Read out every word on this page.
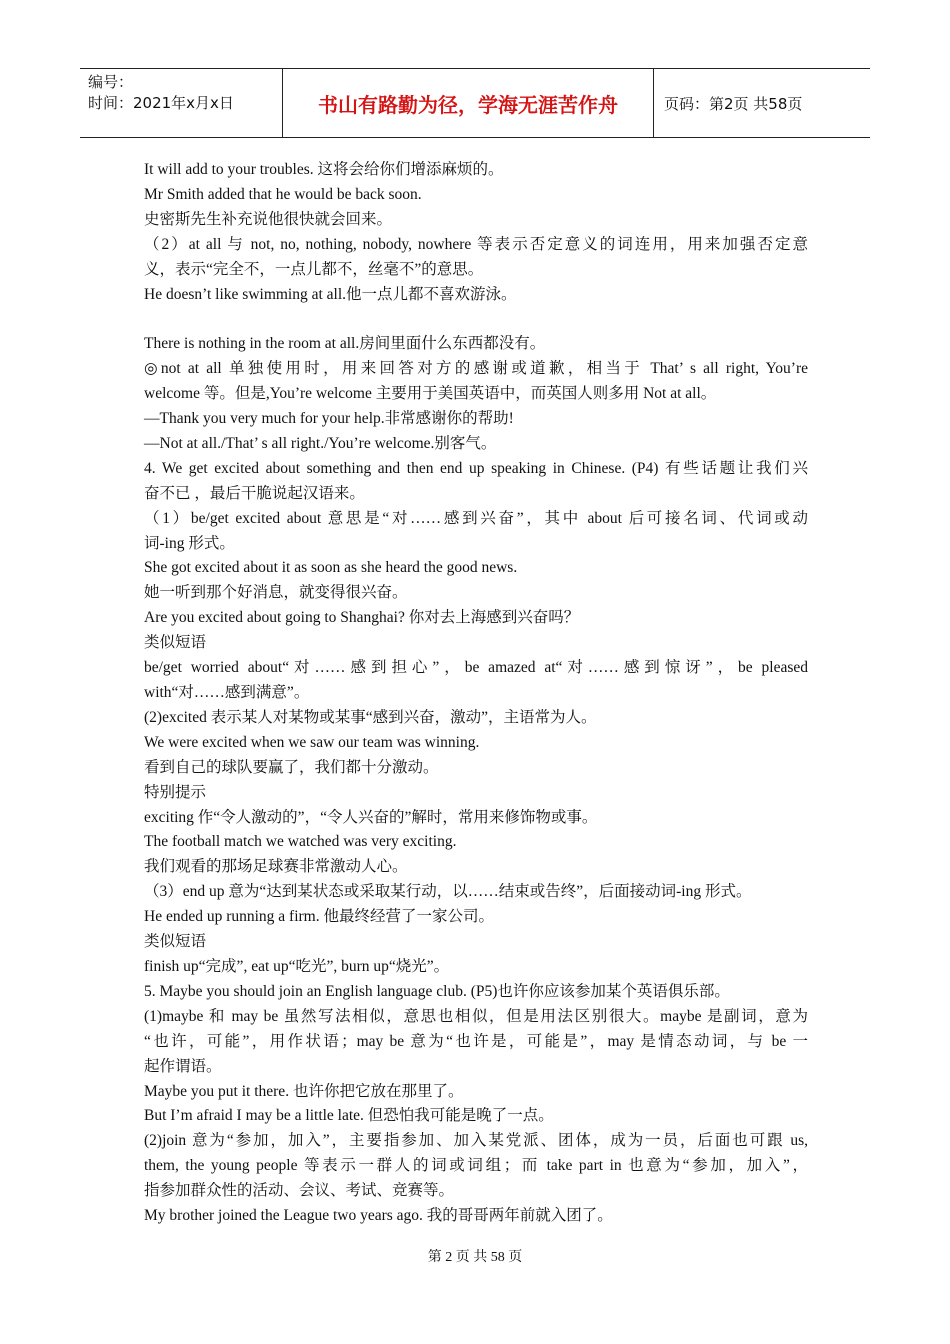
编号：
时间：2021年x月x日	书山有路勤为径，学海无涯苦作舟	页码：第2页 共58页

It will add to your troubles. 这将会给你们增添麻烦的。

Mr Smith added that he would be back soon.

史密斯先生补充说他很快就会回来。

（2）at all 与 not, no, nothing, nobody, nowhere 等表示否定意义的词连用，用来加强否定意

义，表示“完全不，一点儿都不，丝毫不”的意思。

He doesn’t like swimming at all.他一点儿都不喜欢游泳。

There is nothing in the room at all.房间里面什么东西都没有。

◎not at all 单独使用时，用来回答对方的感谢或道歉，相当于 That’ s all right, You’re

welcome 等。但是,You’re welcome 主要用于美国英语中，而英国人则多用 Not at all。

—Thank you very much for your help.非常感谢你的帮助!

—Not at all./That’ s all right./You’re welcome.别客气。

4. We get excited about something and then end up speaking in Chinese. (P4) 有些话题让我们兴

奋不已 ，最后干脆说起汉语来。

（1）be/get excited about 意思是“对……感到兴奋”，其中 about 后可接名词、代词或动

词-ing 形式。

She got excited about it as soon as she heard the good news.

她一听到那个好消息，就变得很兴奋。

Are you excited about going to Shanghai? 你对去上海感到兴奋吗？

类似短语

be/get worried about“对……感到担心”，be amazed at“对……感到惊讶”，be pleased

with“对……感到满意”。

(2)excited 表示某人对某物或某事“感到兴奋，激动”，主语常为人。

We were excited when we saw our team was winning.

看到自己的球队要赢了，我们都十分激动。

特别提示

exciting 作“令人激动的”，“令人兴奋的”解时，常用来修饰物或事。

The football match we watched was very exciting.

我们观看的那场足球赛非常激动人心。

（3）end up 意为“达到某状态或采取某行动，以……结束或告终”，后面接动词-ing 形式。

He ended up running a firm. 他最终经营了一家公司。

类似短语

finish up“完成”, eat up“吃光”, burn up“烧光”。

5. Maybe you should join an English language club. (P5)也许你应该参加某个英语俱乐部。

(1)maybe 和 may be 虽然写法相似，意思也相似，但是用法区别很大。maybe 是副词，意为

“也许，可能”，用作状语；may be 意为“也许是，可能是”，may 是情态动词，与 be 一

起作谓语。

Maybe you put it there. 也许你把它放在那里了。

But I’m afraid I may be a little late. 但恐怕我可能是晚了一点。

(2)join 意为“参加，加入”，主要指参加、加入某党派、团体，成为一员，后面也可跟 us,

them, the young people 等表示一群人的词或词组；而 take part in 也意为“参加，加入”，

指参加群众性的活动、会议、考试、竞赛等。

My brother joined the League two years ago. 我的哥哥两年前就入团了。

第 2 页 共 58 页
